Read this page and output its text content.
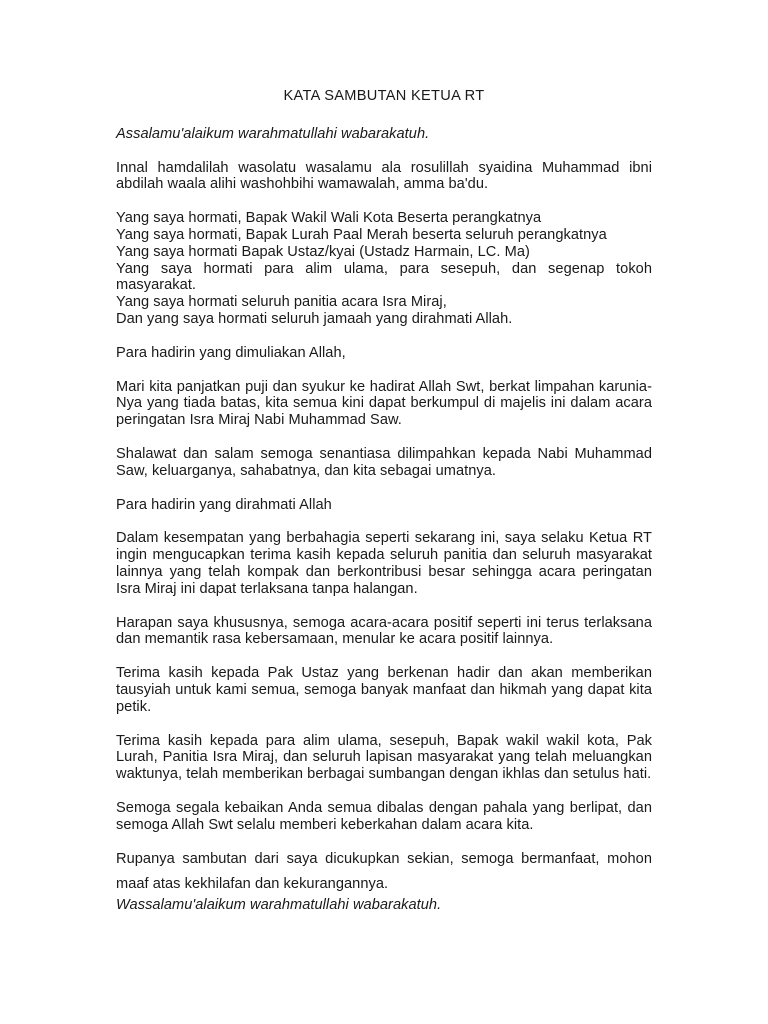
KATA SAMBUTAN KETUA RT

Assalamu'alaikum warahmatullahi wabarakatuh.

Innal hamdalilah wasolatu wasalamu ala rosulillah syaidina Muhammad ibni abdilah waala alihi washohbihi wamawalah, amma ba'du.

Yang saya hormati, Bapak Wakil Wali Kota Beserta perangkatnya
Yang saya hormati, Bapak Lurah Paal Merah beserta seluruh perangkatnya
Yang saya hormati Bapak Ustaz/kyai (Ustadz Harmain, LC. Ma)
Yang saya hormati para alim ulama, para sesepuh, dan segenap tokoh masyarakat.
Yang saya hormati seluruh panitia acara Isra Miraj,
Dan yang saya hormati seluruh jamaah yang dirahmati Allah.

Para hadirin yang dimuliakan Allah,

Mari kita panjatkan puji dan syukur ke hadirat Allah Swt, berkat limpahan karunia-Nya yang tiada batas, kita semua kini dapat berkumpul di majelis ini dalam acara peringatan Isra Miraj Nabi Muhammad Saw.

Shalawat dan salam semoga senantiasa dilimpahkan kepada Nabi Muhammad Saw, keluarganya, sahabatnya, dan kita sebagai umatnya.

Para hadirin yang dirahmati Allah

Dalam kesempatan yang berbahagia seperti sekarang ini, saya selaku Ketua RT ingin mengucapkan terima kasih kepada seluruh panitia dan seluruh masyarakat lainnya yang telah kompak dan berkontribusi besar sehingga acara peringatan Isra Miraj ini dapat terlaksana tanpa halangan.

Harapan saya khususnya, semoga acara-acara positif seperti ini terus terlaksana dan memantik rasa kebersamaan, menular ke acara positif lainnya.

Terima kasih kepada Pak Ustaz yang berkenan hadir dan akan memberikan tausyiah untuk kami semua, semoga banyak manfaat dan hikmah yang dapat kita petik.

Terima kasih kepada para alim ulama, sesepuh, Bapak wakil wakil kota, Pak Lurah, Panitia Isra Miraj, dan seluruh lapisan masyarakat yang telah meluangkan waktunya, telah memberikan berbagai sumbangan dengan ikhlas dan setulus hati.

Semoga segala kebaikan Anda semua dibalas dengan pahala yang berlipat, dan semoga Allah Swt selalu memberi keberkahan dalam acara kita.

Rupanya sambutan dari saya dicukupkan sekian, semoga bermanfaat, mohon maaf atas kekhilafan dan kekurangannya.

Wassalamu'alaikum warahmatullahi wabarakatuh.
